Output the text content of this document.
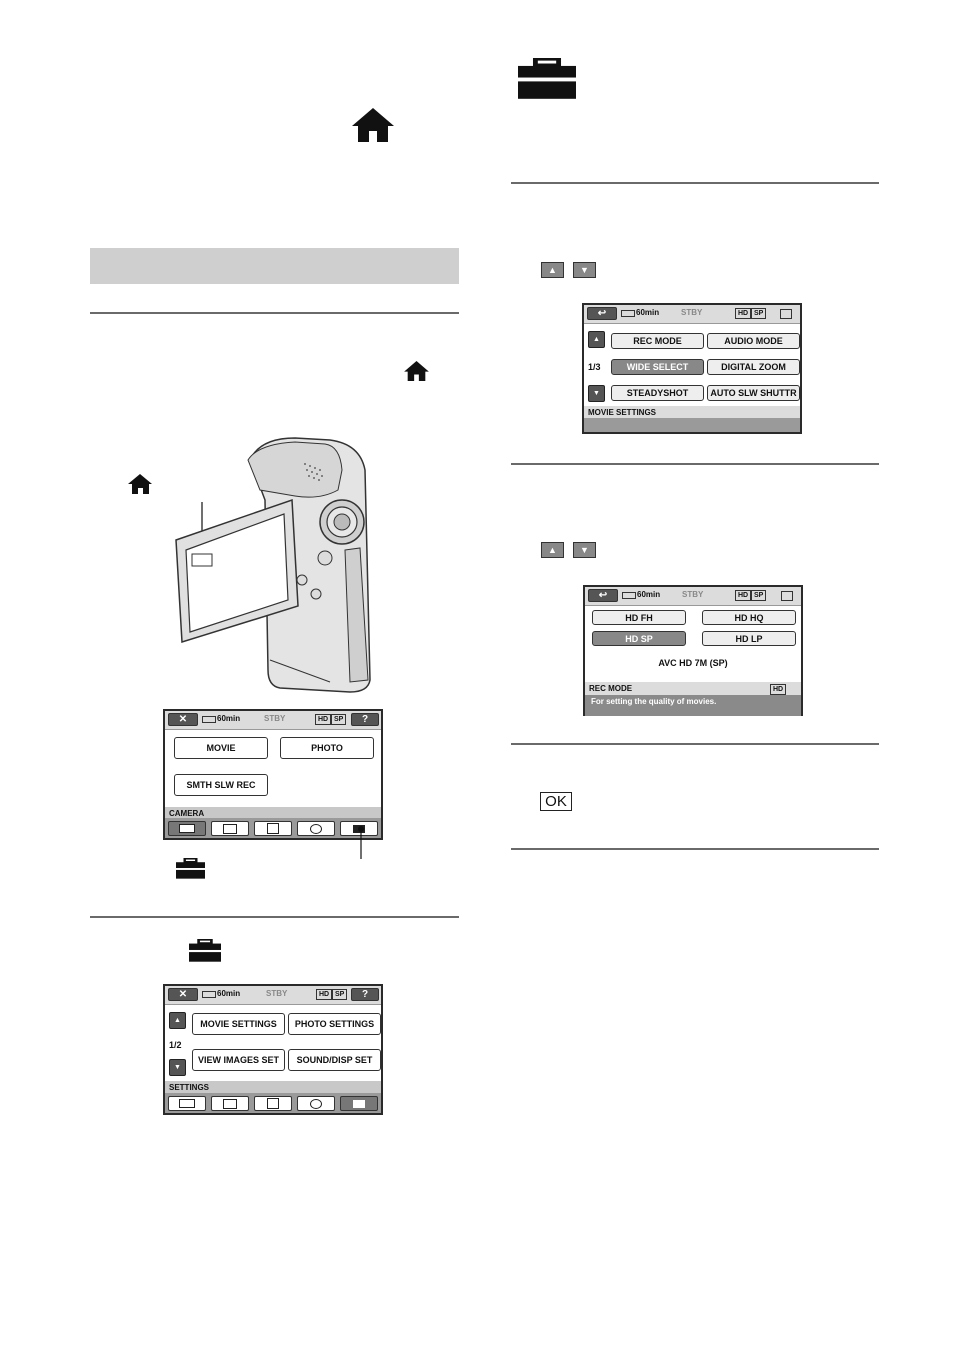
✕	60min	STBY	HD SP	?
MOVIE	PHOTO
SMTH SLW REC
CAMERA
✕	60min	STBY	HD SP	?
▲
1/2
▼
MOVIE SETTINGS	PHOTO SETTINGS
VIEW IMAGES SET	SOUND/DISP SET
SETTINGS
▲	▼
↩	60min	STBY	HD SP
▲
1/3
▼
REC MODE	AUDIO MODE
WIDE SELECT	DIGITAL ZOOM
STEADYSHOT	AUTO SLW SHUTTR
MOVIE SETTINGS
▲	▼
↩	60min	STBY	HD SP
HD FH	HD HQ
HD SP	HD LP
AVC HD 7M (SP)
REC MODE	HD
For setting the quality of movies.
OK
